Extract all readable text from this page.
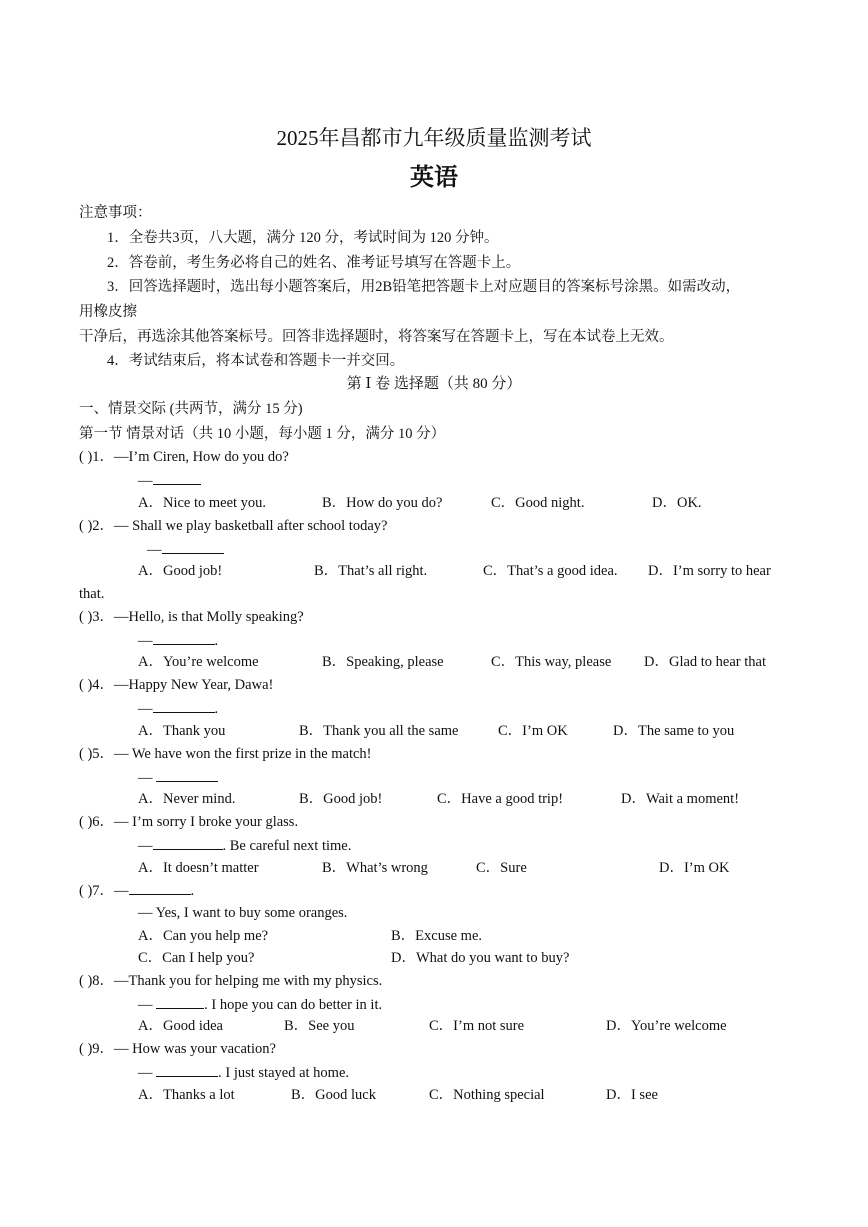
2025年昌都市九年级质量监测考试
英语
注意事项：
1．全卷共3页，八大题，满分 120 分，考试时间为 120 分钟。
2．答卷前，考生务必将自己的姓名、准考证号填写在答题卡上。
3．回答选择题时，选出每小题答案后，用2B铅笔把答题卡上对应题目的答案标号涂黑。如需改动，
用橡皮擦
干净后，再选涂其他答案标号。回答非选择题时，将答案写在答题卡上，写在本试卷上无效。
4．考试结束后，将本试卷和答题卡一并交回。
第 Ⅰ 卷 选择题（共 80 分）
一、情景交际 (共两节，满分 15 分)
第一节 情景对话（共 10 小题，每小题 1 分，满分 10 分）
( )1．—I’m Ciren, How do you do?
—
A．Nice to meet you.	B．How do you do?	C．Good night.	D．OK.
( )2．— Shall we play basketball after school today?
—
A．Good job!	B．That’s all right.	C．That’s a good idea. D．I’m sorry to hear
that.
( )3．—Hello, is that Molly speaking?
—	.
A．You’re welcome	B．Speaking, please	C．This way, please D．Glad to hear that
( )4．—Happy New Year, Dawa!
—	.
A．Thank you	B．Thank you all the same	C．I’m OK	D．The same to you
( )5．— We have won the first prize in the match!
—
A．Never mind.	B．Good job!	C．Have a good trip!	D．Wait a moment!
( )6．— I’m sorry I broke your glass.
—	. Be careful next time.
A．It doesn’t matter	B．What’s wrong	C．Sure	D．I’m OK
( )7．—	.
— Yes, I want to buy some oranges.
A．Can you help me?	B．Excuse me.
C．Can I help you?	D．What do you want to buy?
( )8．—Thank you for helping me with my physics.
—	. I hope you can do better in it.
A．Good idea	B．See you	C．I’m not sure	D．You’re welcome
( )9．— How was your vacation?
—	. I just stayed at home.
A．Thanks a lot	B．Good luck	C．Nothing special	D．I see
